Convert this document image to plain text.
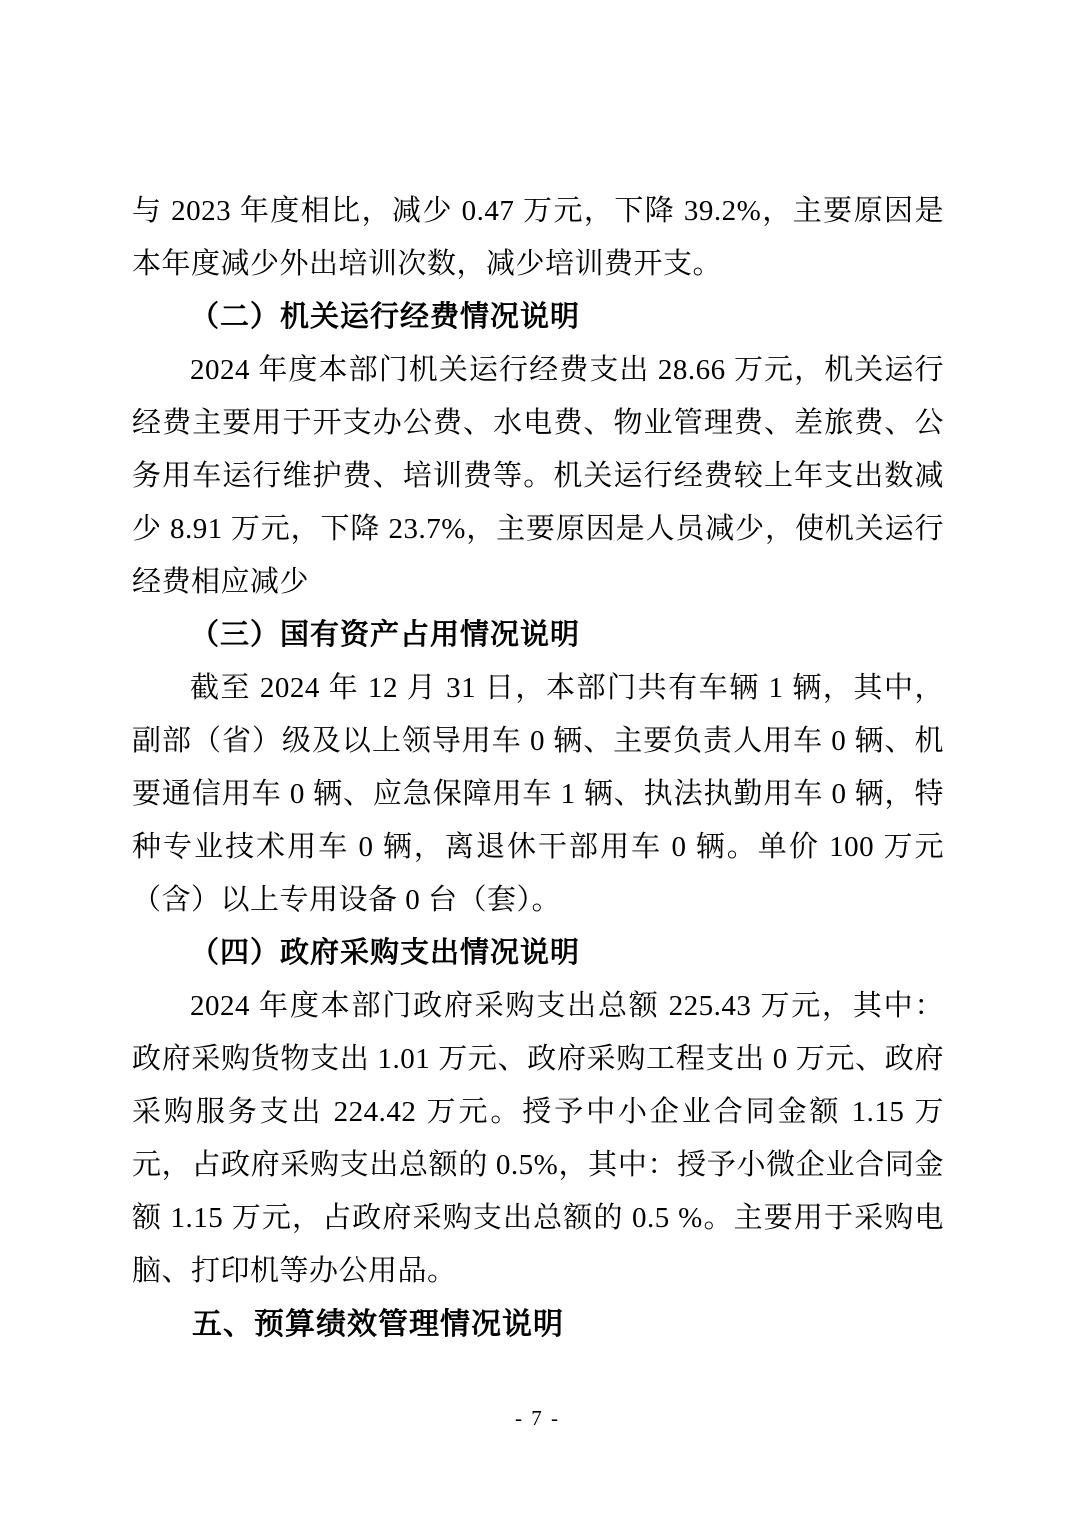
与 2023 年度相比，减少 0.47 万元，下降 39.2%，主要原因是本年度减少外出培训次数，减少培训费开支。

（二）机关运行经费情况说明

2024 年度本部门机关运行经费支出 28.66 万元，机关运行经费主要用于开支办公费、水电费、物业管理费、差旅费、公务用车运行维护费、培训费等。机关运行经费较上年支出数减少 8.91 万元，下降 23.7%，主要原因是人员减少，使机关运行经费相应减少

（三）国有资产占用情况说明

截至 2024 年 12 月 31 日，本部门共有车辆 1 辆，其中，副部（省）级及以上领导用车 0 辆、主要负责人用车 0 辆、机要通信用车 0 辆、应急保障用车 1 辆、执法执勤用车 0 辆，特种专业技术用车 0 辆，离退休干部用车 0 辆。单价 100 万元（含）以上专用设备 0 台（套）。

（四）政府采购支出情况说明

2024 年度本部门政府采购支出总额 225.43 万元，其中：政府采购货物支出 1.01 万元、政府采购工程支出 0 万元、政府采购服务支出 224.42 万元。授予中小企业合同金额 1.15 万元，占政府采购支出总额的 0.5%，其中：授予小微企业合同金额 1.15 万元，占政府采购支出总额的 0.5 %。主要用于采购电脑、打印机等办公用品。

五、预算绩效管理情况说明

- 7 -
